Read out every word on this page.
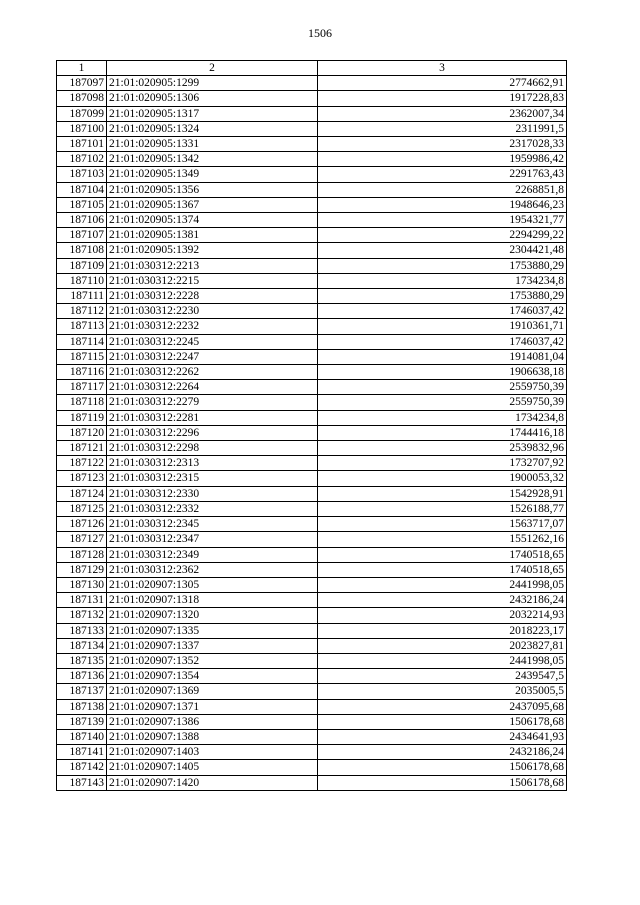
1506
1	2	3
187097	21:01:020905:1299	2774662,91
187098	21:01:020905:1306	1917228,83
187099	21:01:020905:1317	2362007,34
187100	21:01:020905:1324	2311991,5
187101	21:01:020905:1331	2317028,33
187102	21:01:020905:1342	1959986,42
187103	21:01:020905:1349	2291763,43
187104	21:01:020905:1356	2268851,8
187105	21:01:020905:1367	1948646,23
187106	21:01:020905:1374	1954321,77
187107	21:01:020905:1381	2294299,22
187108	21:01:020905:1392	2304421,48
187109	21:01:030312:2213	1753880,29
187110	21:01:030312:2215	1734234,8
187111	21:01:030312:2228	1753880,29
187112	21:01:030312:2230	1746037,42
187113	21:01:030312:2232	1910361,71
187114	21:01:030312:2245	1746037,42
187115	21:01:030312:2247	1914081,04
187116	21:01:030312:2262	1906638,18
187117	21:01:030312:2264	2559750,39
187118	21:01:030312:2279	2559750,39
187119	21:01:030312:2281	1734234,8
187120	21:01:030312:2296	1744416,18
187121	21:01:030312:2298	2539832,96
187122	21:01:030312:2313	1732707,92
187123	21:01:030312:2315	1900053,32
187124	21:01:030312:2330	1542928,91
187125	21:01:030312:2332	1526188,77
187126	21:01:030312:2345	1563717,07
187127	21:01:030312:2347	1551262,16
187128	21:01:030312:2349	1740518,65
187129	21:01:030312:2362	1740518,65
187130	21:01:020907:1305	2441998,05
187131	21:01:020907:1318	2432186,24
187132	21:01:020907:1320	2032214,93
187133	21:01:020907:1335	2018223,17
187134	21:01:020907:1337	2023827,81
187135	21:01:020907:1352	2441998,05
187136	21:01:020907:1354	2439547,5
187137	21:01:020907:1369	2035005,5
187138	21:01:020907:1371	2437095,68
187139	21:01:020907:1386	1506178,68
187140	21:01:020907:1388	2434641,93
187141	21:01:020907:1403	2432186,24
187142	21:01:020907:1405	1506178,68
187143	21:01:020907:1420	1506178,68
